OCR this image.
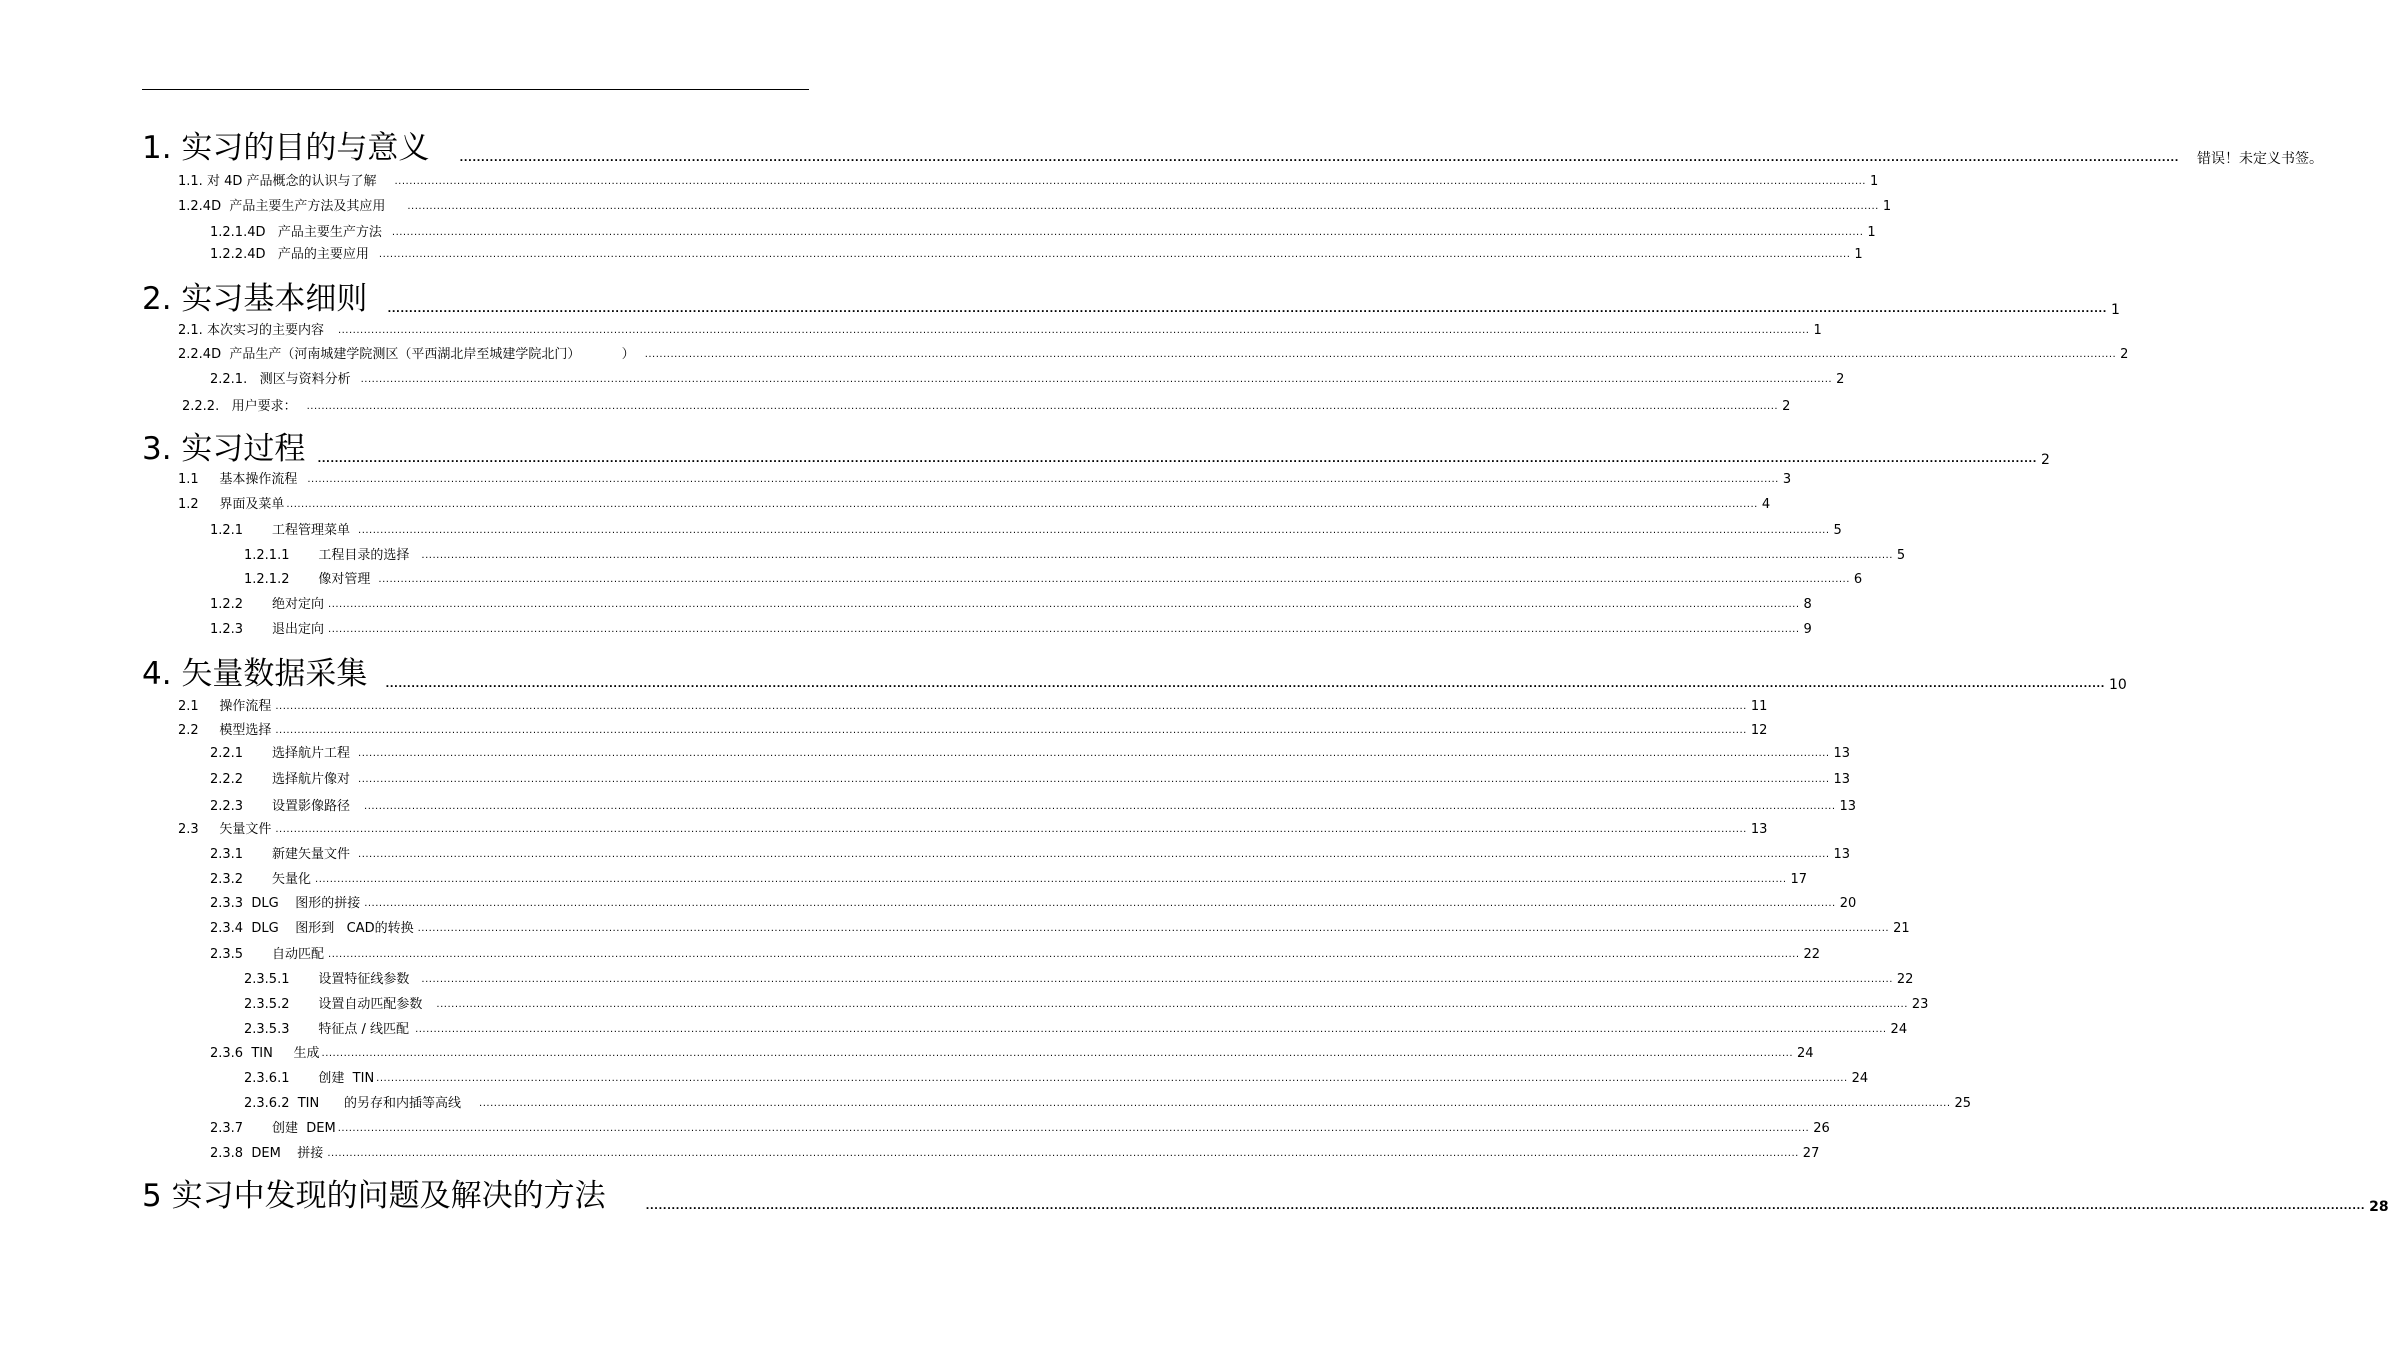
1. 实习的目的与意义	................................................................................................................................................................................................................................................................................................................................................................................................................ 错误！未定义书签。
1.1. 对 4D 产品概念的认识与了解 ................................................................................................................................................................................................................................................................................................................................................................................................................ 1
1.2.4D  产品主要生产方法及其应用 ................................................................................................................................................................................................................................................................................................................................................................................................................ 1
1.2.1.4D   产品主要生产方法 ................................................................................................................................................................................................................................................................................................................................................................................................................ 1
1.2.2.4D   产品的主要应用 ................................................................................................................................................................................................................................................................................................................................................................................................................ 1
2. 实习基本细则 ................................................................................................................................................................................................................................................................................................................................................................................................................ 1
2.1. 本次实习的主要内容 ................................................................................................................................................................................................................................................................................................................................................................................................................ 1
2.2.4D  产品生产（河南城建学院测区（平西湖北岸至城建学院北门）          ） ................................................................................................................................................................................................................................................................................................................................................................................................................ 2
2.2.1.   测区与资料分析 ................................................................................................................................................................................................................................................................................................................................................................................................................ 2
2.2.2.   用户要求： ................................................................................................................................................................................................................................................................................................................................................................................................................ 2
3. 实习过程 ................................................................................................................................................................................................................................................................................................................................................................................................................ 2
1.1     基本操作流程 ................................................................................................................................................................................................................................................................................................................................................................................................................ 3
1.2     界面及菜单 ................................................................................................................................................................................................................................................................................................................................................................................................................ 4
1.2.1       工程管理菜单 ................................................................................................................................................................................................................................................................................................................................................................................................................ 5
1.2.1.1       工程目录的选择 ................................................................................................................................................................................................................................................................................................................................................................................................................ 5
1.2.1.2       像对管理 ................................................................................................................................................................................................................................................................................................................................................................................................................ 6
1.2.2       绝对定向 ................................................................................................................................................................................................................................................................................................................................................................................................................ 8
1.2.3       退出定向 ................................................................................................................................................................................................................................................................................................................................................................................................................ 9
4. 矢量数据采集 ................................................................................................................................................................................................................................................................................................................................................................................................................ 10
2.1     操作流程 ................................................................................................................................................................................................................................................................................................................................................................................................................ 11
2.2     模型选择 ................................................................................................................................................................................................................................................................................................................................................................................................................ 12
2.2.1       选择航片工程 ................................................................................................................................................................................................................................................................................................................................................................................................................ 13
2.2.2       选择航片像对 ................................................................................................................................................................................................................................................................................................................................................................................................................ 13
2.2.3       设置影像路径 ................................................................................................................................................................................................................................................................................................................................................................................................................ 13
2.3     矢量文件 ................................................................................................................................................................................................................................................................................................................................................................................................................ 13
2.3.1       新建矢量文件 ................................................................................................................................................................................................................................................................................................................................................................................................................ 13
2.3.2       矢量化 ................................................................................................................................................................................................................................................................................................................................................................................................................ 17
2.3.3  DLG    图形的拼接 ................................................................................................................................................................................................................................................................................................................................................................................................................ 20
2.3.4  DLG    图形到   CAD的转换 ................................................................................................................................................................................................................................................................................................................................................................................................................ 21
2.3.5       自动匹配 ................................................................................................................................................................................................................................................................................................................................................................................................................ 22
2.3.5.1       设置特征线参数 ................................................................................................................................................................................................................................................................................................................................................................................................................ 22
2.3.5.2       设置自动匹配参数 ................................................................................................................................................................................................................................................................................................................................................................................................................ 23
2.3.5.3       特征点 / 线匹配 ................................................................................................................................................................................................................................................................................................................................................................................................................ 24
2.3.6  TIN     生成 ................................................................................................................................................................................................................................................................................................................................................................................................................ 24
2.3.6.1       创建  TIN ................................................................................................................................................................................................................................................................................................................................................................................................................ 24
2.3.6.2  TIN      的另存和内插等高线 ................................................................................................................................................................................................................................................................................................................................................................................................................ 25
2.3.7       创建  DEM ................................................................................................................................................................................................................................................................................................................................................................................................................ 26
2.3.8  DEM    拼接 ................................................................................................................................................................................................................................................................................................................................................................................................................ 27
5 实习中发现的问题及解决的方法	................................................................................................................................................................................................................................................................................................................................................................................................................ 28
